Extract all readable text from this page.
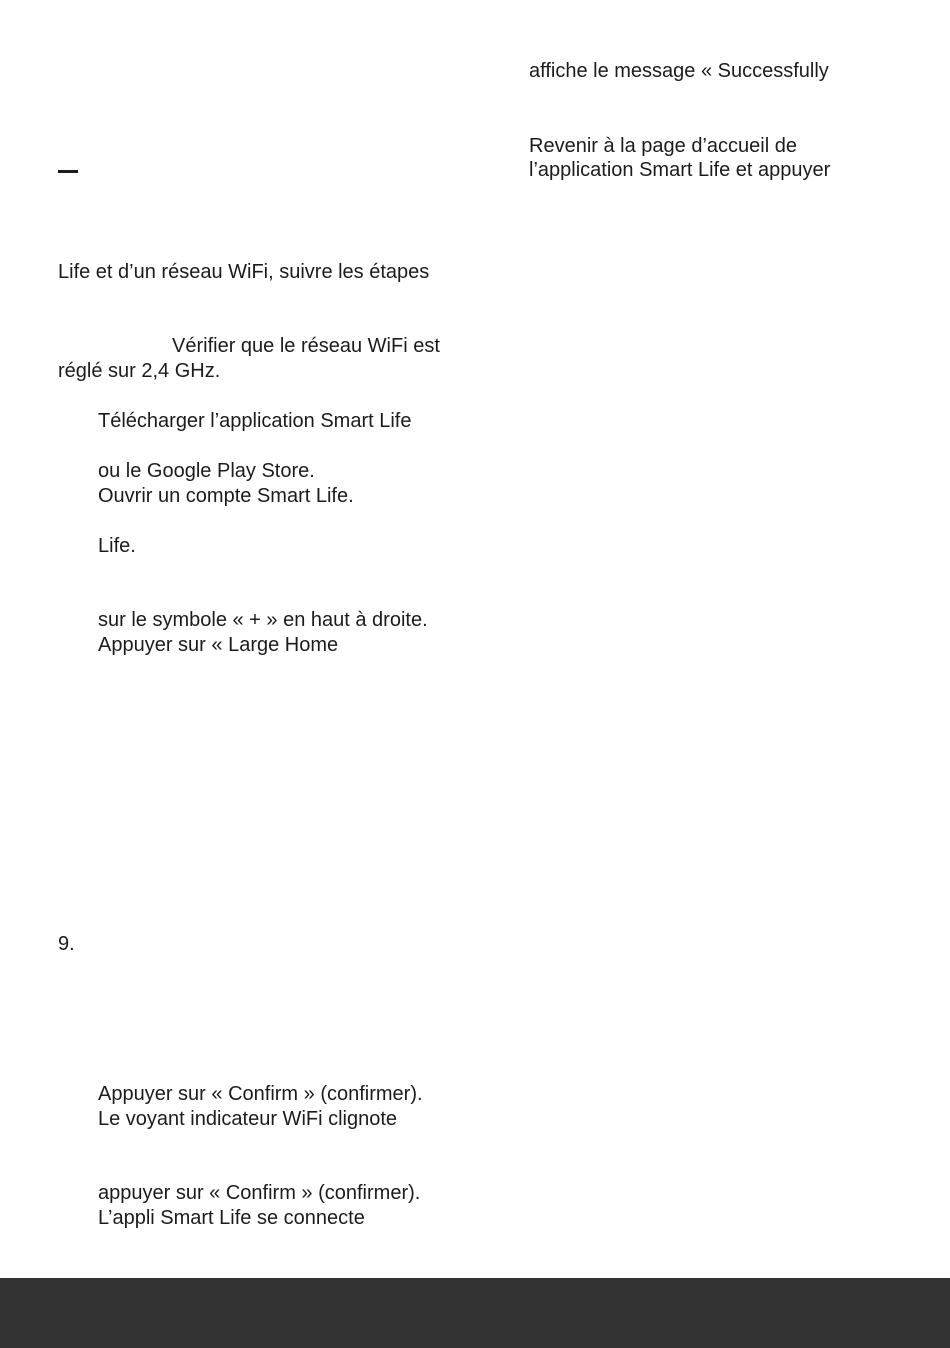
Life et d’un réseau WiFi, suivre les étapes
Vérifier que le réseau WiFi est
réglé sur 2,4 GHz.
Télécharger l’application Smart Life
ou le Google Play Store.
Ouvrir un compte Smart Life.
Life.
sur le symbole « + » en haut à droite.
Appuyer sur « Large Home
9.
Appuyer sur « Confirm » (confirmer).
Le voyant indicateur WiFi clignote
appuyer sur « Confirm » (confirmer).
L’appli Smart Life se connecte
affiche le message « Successfully
Revenir à la page d’accueil de
l’application Smart Life et appuyer
